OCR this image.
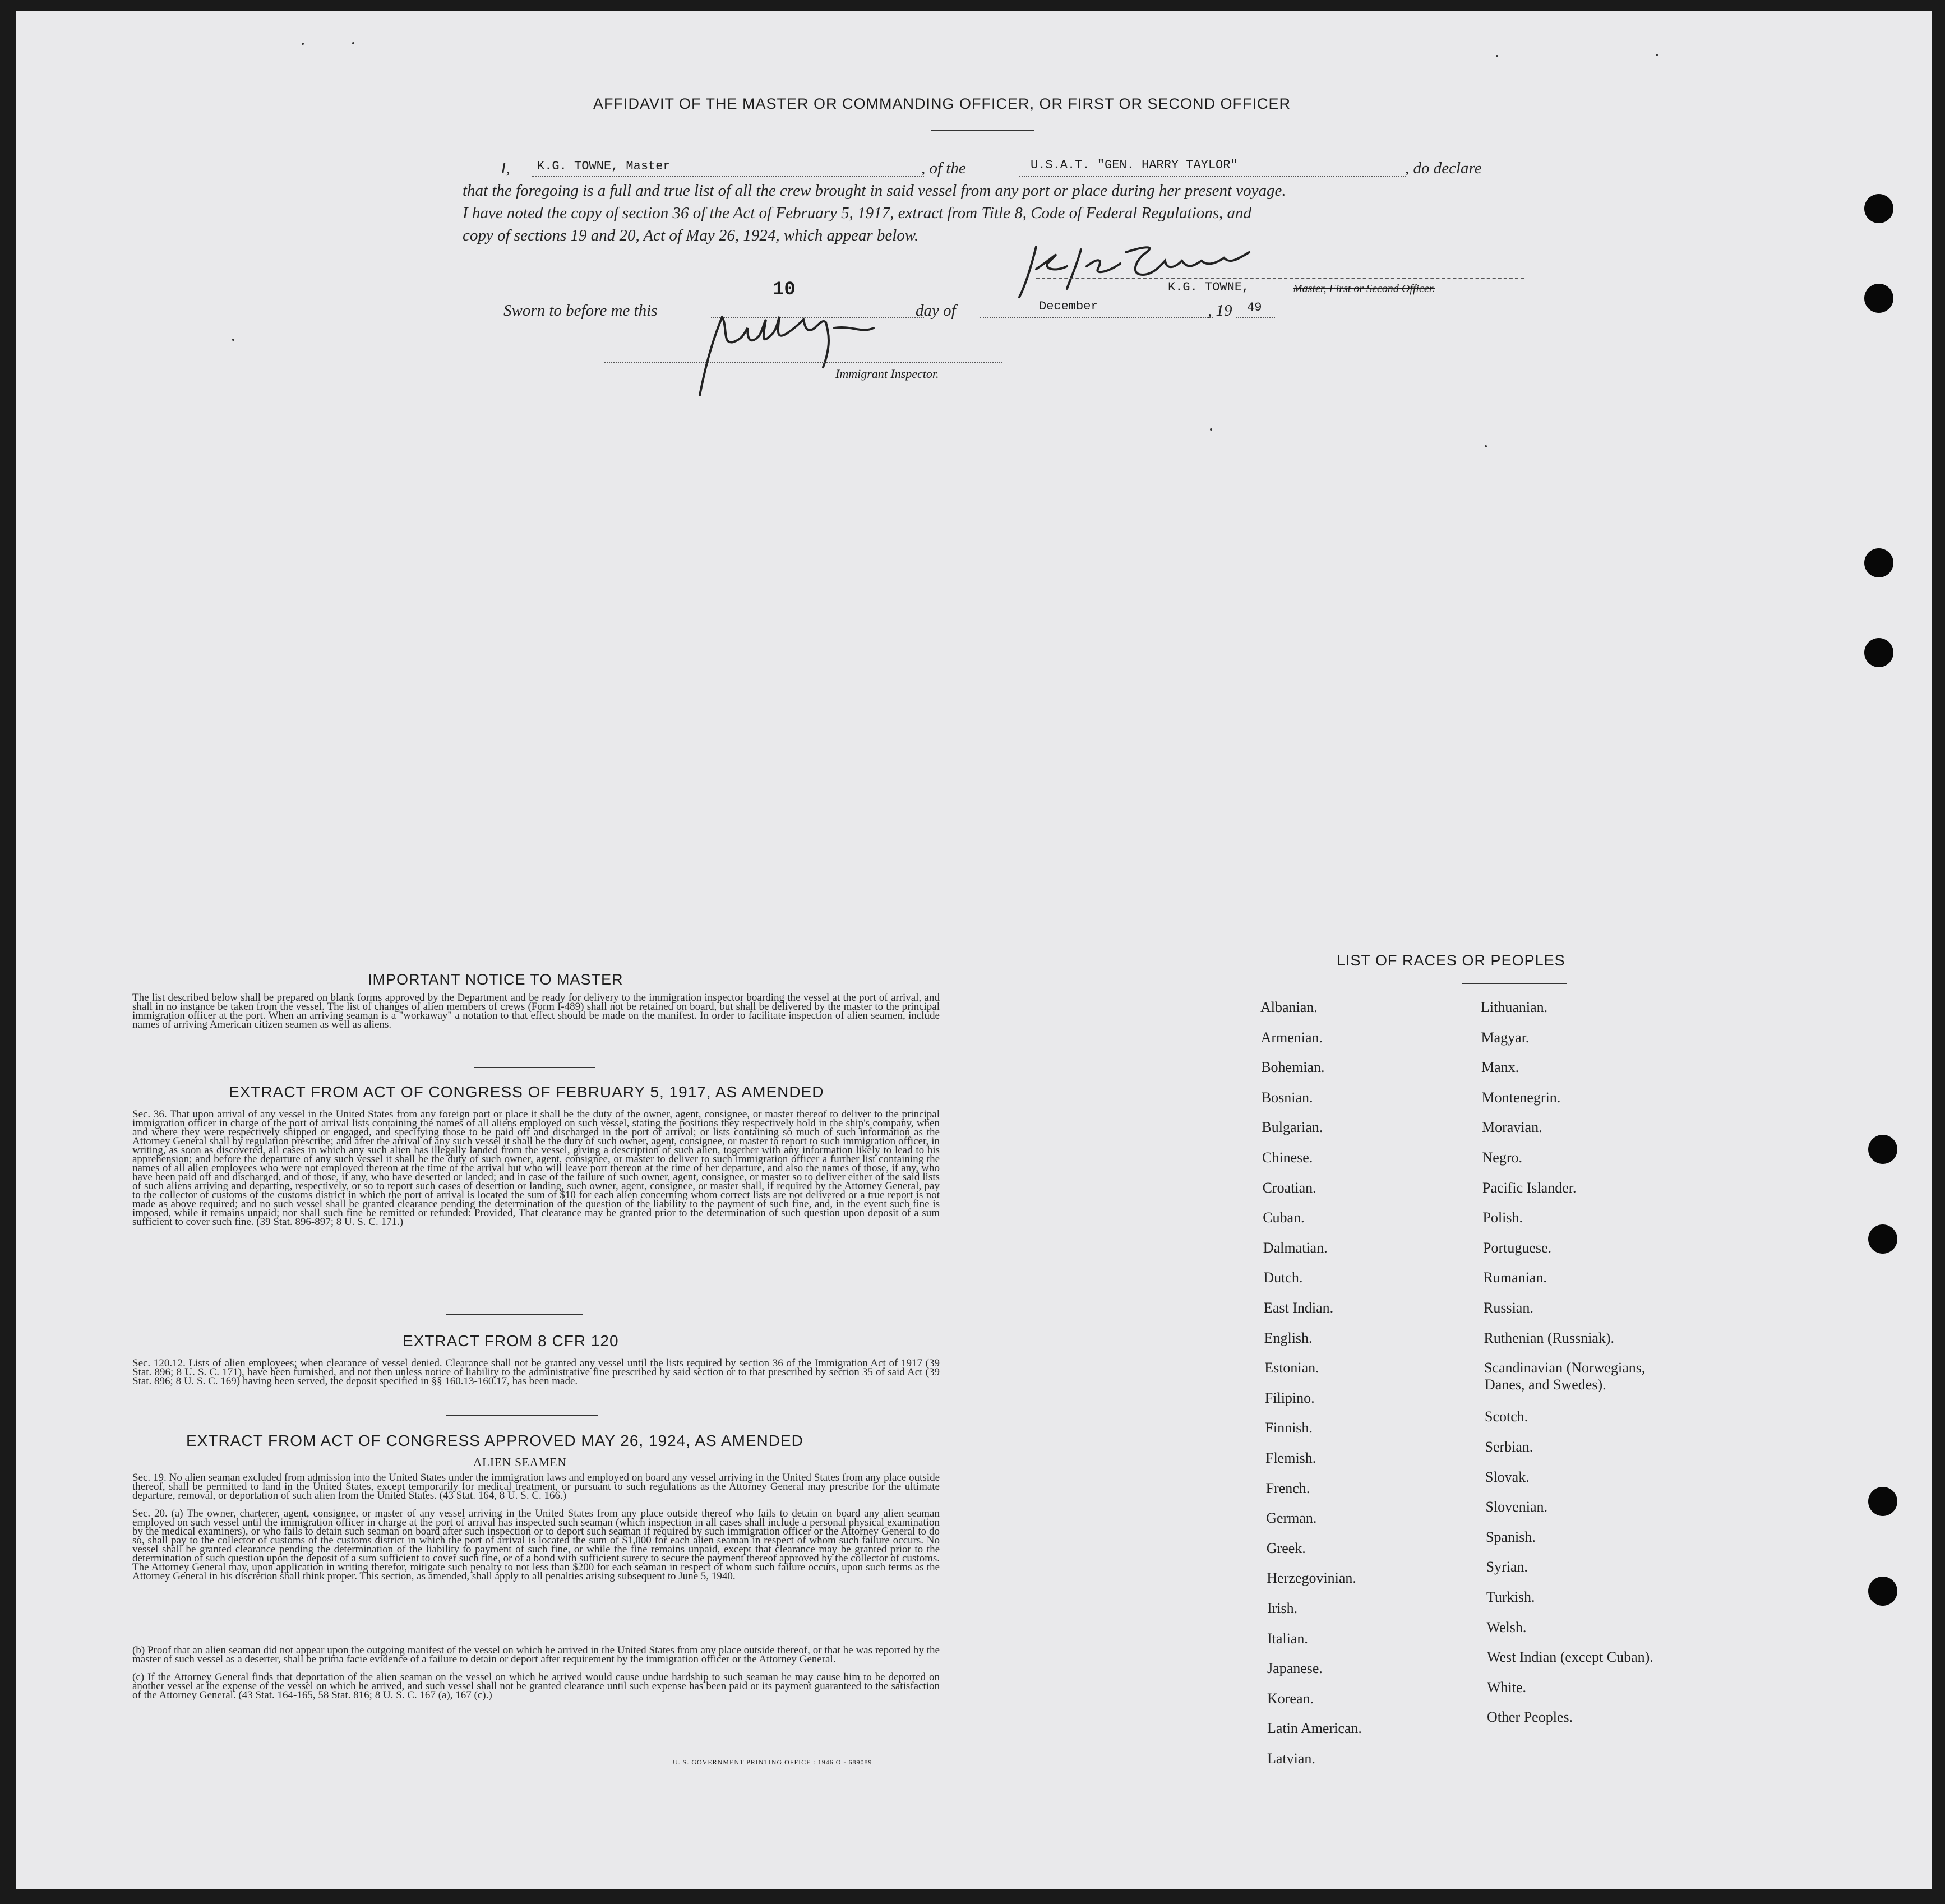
AFFIDAVIT OF THE MASTER OR COMMANDING OFFICER, OR FIRST OR SECOND OFFICER
I, K.G. TOWNE, Master	, of the	U.S.A.T. "GEN. HARRY TAYLOR"	, do declare
that the foregoing is a full and true list of all the crew brought in said vessel from any port or place during her present voyage.
I have noted the copy of section 36 of the Act of February 5, 1917, extract from Title 8, Code of Federal Regulations, and
copy of sections 19 and 20, Act of May 26, 1924, which appear below.
Sworn to before me this
10
day of	December	, 19 49
K.G. TOWNE,	Master, First or Second Officer.
Immigrant Inspector.
IMPORTANT NOTICE TO MASTER
The list described below shall be prepared on blank forms approved by the Department and be ready for delivery to the immigration inspector boarding the vessel at the port of arrival, and shall in no instance be taken from the vessel. The list of changes of alien members of crews (Form I-489) shall not be retained on board, but shall be delivered by the master to the principal immigration officer at the port. When an arriving seaman is a "workaway" a notation to that effect should be made on the manifest. In order to facilitate inspection of alien seamen, include names of arriving American citizen seamen as well as aliens.
EXTRACT FROM ACT OF CONGRESS OF FEBRUARY 5, 1917, AS AMENDED
Sec. 36. That upon arrival of any vessel in the United States from any foreign port or place it shall be the duty of the owner, agent, consignee, or master thereof to deliver to the principal immigration officer in charge of the port of arrival lists containing the names of all aliens employed on such vessel, stating the positions they respectively hold in the ship's company, when and where they were respectively shipped or engaged, and specifying those to be paid off and discharged in the port of arrival; or lists containing so much of such information as the Attorney General shall by regulation prescribe; and after the arrival of any such vessel it shall be the duty of such owner, agent, consignee, or master to report to such immigration officer, in writing, as soon as discovered, all cases in which any such alien has illegally landed from the vessel, giving a description of such alien, together with any information likely to lead to his apprehension; and before the departure of any such vessel it shall be the duty of such owner, agent, consignee, or master to deliver to such immigration officer a further list containing the names of all alien employees who were not employed thereon at the time of the arrival but who will leave port thereon at the time of her departure, and also the names of those, if any, who have been paid off and discharged, and of those, if any, who have deserted or landed; and in case of the failure of such owner, agent, consignee, or master so to deliver either of the said lists of such aliens arriving and departing, respectively, or so to report such cases of desertion or landing, such owner, agent, consignee, or master shall, if required by the Attorney General, pay to the collector of customs of the customs district in which the port of arrival is located the sum of $10 for each alien concerning whom correct lists are not delivered or a true report is not made as above required; and no such vessel shall be granted clearance pending the determination of the question of the liability to the payment of such fine, and, in the event such fine is imposed, while it remains unpaid; nor shall such fine be remitted or refunded: Provided, That clearance may be granted prior to the determination of such question upon deposit of a sum sufficient to cover such fine. (39 Stat. 896-897; 8 U. S. C. 171.)
EXTRACT FROM 8 CFR 120
Sec. 120.12. Lists of alien employees; when clearance of vessel denied. Clearance shall not be granted any vessel until the lists required by section 36 of the Immigration Act of 1917 (39 Stat. 896; 8 U. S. C. 171), have been furnished, and not then unless notice of liability to the administrative fine prescribed by said section or to that prescribed by section 35 of said Act (39 Stat. 896; 8 U. S. C. 169) having been served, the deposit specified in §§ 160.13-160.17, has been made.
EXTRACT FROM ACT OF CONGRESS APPROVED MAY 26, 1924, AS AMENDED
ALIEN SEAMEN
Sec. 19. No alien seaman excluded from admission into the United States under the immigration laws and employed on board any vessel arriving in the United States from any place outside thereof, shall be permitted to land in the United States, except temporarily for medical treatment, or pursuant to such regulations as the Attorney General may prescribe for the ultimate departure, removal, or deportation of such alien from the United States. (43 Stat. 164, 8 U. S. C. 166.)
Sec. 20. (a) The owner, charterer, agent, consignee, or master of any vessel arriving in the United States from any place outside thereof who fails to detain on board any alien seaman employed on such vessel until the immigration officer in charge at the port of arrival has inspected such seaman (which inspection in all cases shall include a personal physical examination by the medical examiners), or who fails to detain such seaman on board after such inspection or to deport such seaman if required by such immigration officer or the Attorney General to do so, shall pay to the collector of customs of the customs district in which the port of arrival is located the sum of $1,000 for each alien seaman in respect of whom such failure occurs. No vessel shall be granted clearance pending the determination of the liability to payment of such fine, or while the fine remains unpaid, except that clearance may be granted prior to the determination of such question upon the deposit of a sum sufficient to cover such fine, or of a bond with sufficient surety to secure the payment thereof approved by the collector of customs. The Attorney General may, upon application in writing therefor, mitigate such penalty to not less than $200 for each seaman in respect of whom such failure occurs, upon such terms as the Attorney General in his discretion shall think proper. This section, as amended, shall apply to all penalties arising subsequent to June 5, 1940.
(b) Proof that an alien seaman did not appear upon the outgoing manifest of the vessel on which he arrived in the United States from any place outside thereof, or that he was reported by the master of such vessel as a deserter, shall be prima facie evidence of a failure to detain or deport after requirement by the immigration officer or the Attorney General.
(c) If the Attorney General finds that deportation of the alien seaman on the vessel on which he arrived would cause undue hardship to such seaman he may cause him to be deported on another vessel at the expense of the vessel on which he arrived, and such vessel shall not be granted clearance until such expense has been paid or its payment guaranteed to the satisfaction of the Attorney General. (43 Stat. 164-165, 58 Stat. 816; 8 U. S. C. 167 (a), 167 (c).)
U. S. GOVERNMENT PRINTING OFFICE : 1946 O - 689089
LIST OF RACES OR PEOPLES
Albanian.
Armenian.
Bohemian.
Bosnian.
Bulgarian.
Chinese.
Croatian.
Cuban.
Dalmatian.
Dutch.
East Indian.
English.
Estonian.
Filipino.
Finnish.
Flemish.
French.
German.
Greek.
Herzegovinian.
Irish.
Italian.
Japanese.
Korean.
Latin American.
Latvian.
Lithuanian.
Magyar.
Manx.
Montenegrin.
Moravian.
Negro.
Pacific Islander.
Polish.
Portuguese.
Rumanian.
Russian.
Ruthenian (Russniak).
Scandinavian (Norwegians,
Danes, and Swedes).
Scotch.
Serbian.
Slovak.
Slovenian.
Spanish.
Syrian.
Turkish.
Welsh.
West Indian (except Cuban).
White.
Other Peoples.
